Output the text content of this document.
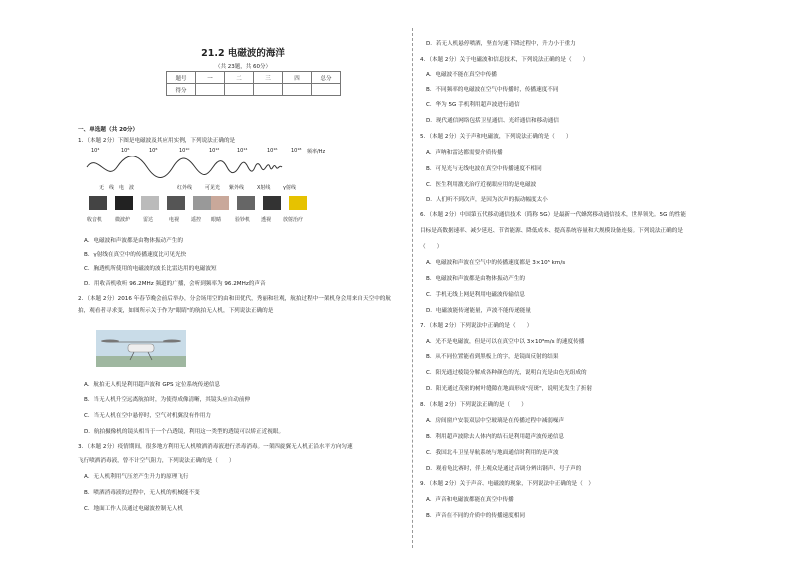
21.2 电磁波的海洋
（共 23题，共 60分）
题号	一	二	三	四	总分
得分					
一、单选题（共 20分）
1．（本题 2分）下图是电磁波及其应用实例，下列说法正确的是
10⁴	10⁶	10⁸	10¹⁰	10¹²	10¹⁴	10¹⁶	10¹⁸ 频率/Hz
无　线　电　波	红外线	可见光 紫外线	X射线	γ射线
收音机	微波炉	雷达	电视 遥控 眼睛	验钞机 透视 放射治疗
A．电磁波和声波都是由物体振动产生的
B．γ射线在真空中的传播速度比可见光快
C．胸透机所使用的电磁波的波长比雷达用的电磁波短
D．用收音机收听 96.2MHz 频道的广播，会听到频率为 96.2MHz的声音
2．（本题 2分）2016 年春节晚会前后举办，分会场用空的由和田优代，秀丽和壮观，航拍过程中一架机身会用来自天空中的航
拍，观看者寻求变，如图所示关于作为"眼睛"的航拍无人机，下列说法正确的是
A．航拍无人机是利用超声波和 GPS 定位系统传递信息
B．当无人机升空远离航拍时，为使得成像清晰，其镜头应自动前伸
C．当无人机在空中悬停时，空气对机翼没有作用力
D．航拍摄像机的镜头相当于一个凸透镜，利用这一类型的透镜可以矫正近视眼。
3．（本题 2分）疫情期间，很多地方利用无人机喷洒消毒液进行杀毒消毒。一架四旋翼无人机正沿水平方向匀速
飞行喷洒消毒液，曾不计空气阻力，下列说法正确的是（　　）
A．无人机利用气压差产生升力的原理飞行
B．喷洒消毒液的过程中，无人机的机械能不变
C．地面工作人员通过电磁波控制无人机
D．若无人机悬停喷洒，坚直匀速下降过程中，升力小于重力
4．（本题 2分）关于电磁波和信息技术，下列说法正确的是（　　）
A．电磁波不能在真空中传播
B．不同频率的电磁波在空气中传播时，传播速度不同
C．华为 5G 手机利用超声波进行通信
D．现代通信网络包括卫星通信、光纤通信和移动通信
5．（本题 2分）关于声和电磁波，下列说法正确的是（　　）
A．声呐和雷达都需要介质传播
B．可见光与无线电波在真空中传播速度不相同
C．医生利用激光治疗近视眼应用的是电磁波
D．人们听不到次声，是因为次声的振动幅度太小
6．（本题 2分）中国第五代移动通信技术（简称 5G）是最新一代蜂窝移动通信技术，世界领先。5G 的性能
目标是高数据速率、减少延迟、节省能源、降低成本、提高系统容量和大规模设备连接。下列说法正确的是
（　　）
A．电磁波和声波在空气中的传播速度都是 3×10⁵ km/s
B．电磁波和声波都是由物体振动产生的
C．手机无线上网是利用电磁波传输信息
D．电磁波能传递能量，声波不能传递能量
7．（本题 2分）下列说法中正确的是（　　）
A．光不是电磁波，但是可以在真空中以 3×10⁸m/s 的速度传播
B．从不同位置能看到黑板上的字，是镜面反射的结果
C．阳光通过棱镜分解成各种颜色的光，说明白光是由色光组成的
D．阳光通过茂密的树叶缝隙在地面形成"亮斑"，说明光发生了折射
8．（本题 2分）下列说法正确的是（　　）
A．房间窗户安装双层中空玻璃是在传播过程中减弱噪声
B．利用超声波除去人体内的结石是利用超声波传递信息
C．我国北斗卫星导航系统与地面通信时利用的是声波
D．观看龟比赛时，伴上观众是通过音调分辨出钢声、号子声的
9．（本题 2分）关于声音、电磁波的现象，下列说法中正确的是（　）
A．声音和电磁波都能在真空中传播
B．声音在不同的介质中的传播速度相同
